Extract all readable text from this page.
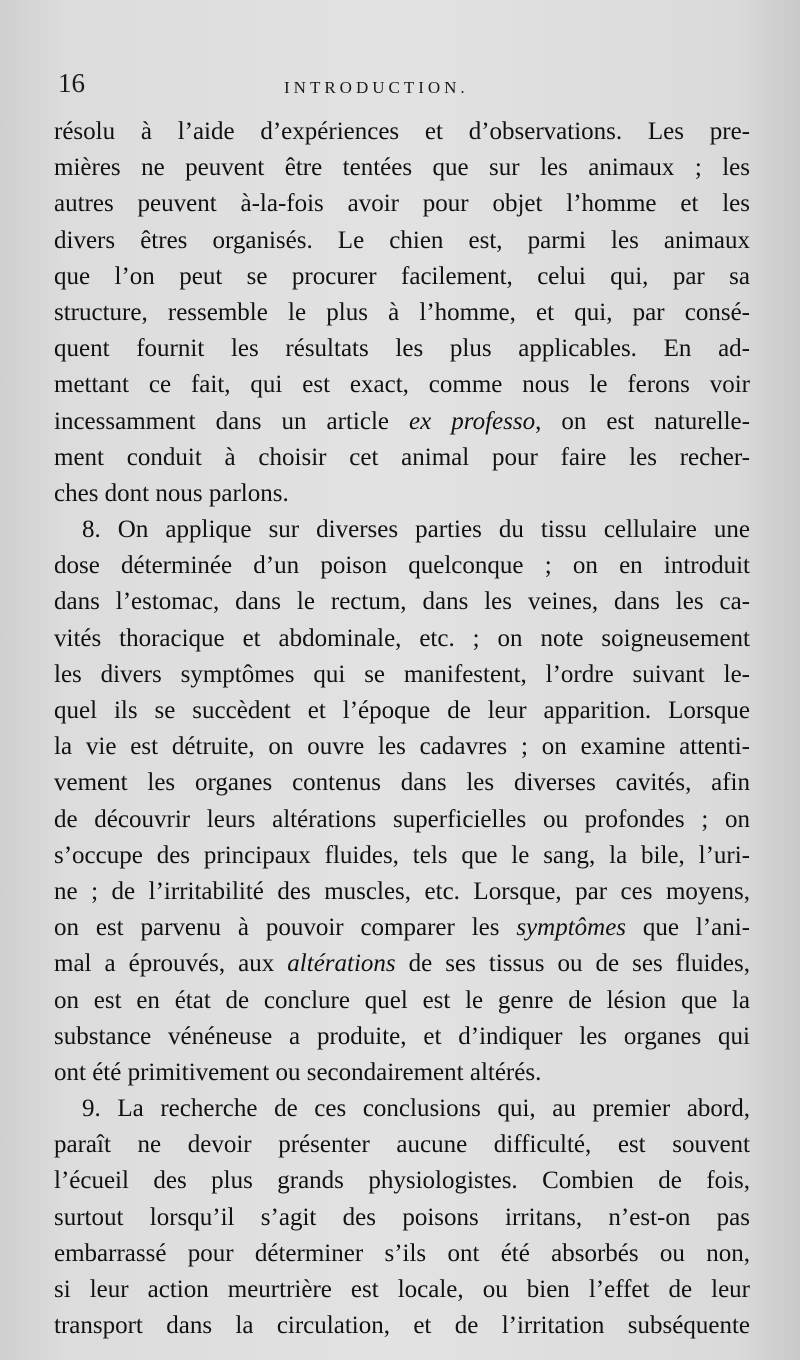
16	INTRODUCTION.
résolu à l’aide d’expériences et d’observations. Les pre-
mières ne peuvent être tentées que sur les animaux ; les
autres peuvent à-la-fois avoir pour objet l’homme et les
divers êtres organisés. Le chien est, parmi les animaux
que l’on peut se procurer facilement, celui qui, par sa
structure, ressemble le plus à l’homme, et qui, par consé-
quent fournit les résultats les plus applicables. En ad-
mettant ce fait, qui est exact, comme nous le ferons voir
incessamment dans un article ex professo, on est naturelle-
ment conduit à choisir cet animal pour faire les recher-
ches dont nous parlons.
8. On applique sur diverses parties du tissu cellulaire une
dose déterminée d’un poison quelconque ; on en introduit
dans l’estomac, dans le rectum, dans les veines, dans les ca-
vités thoracique et abdominale, etc. ; on note soigneusement
les divers symptômes qui se manifestent, l’ordre suivant le-
quel ils se succèdent et l’époque de leur apparition. Lorsque
la vie est détruite, on ouvre les cadavres ; on examine attenti-
vement les organes contenus dans les diverses cavités, afin
de découvrir leurs altérations superficielles ou profondes ; on
s’occupe des principaux fluides, tels que le sang, la bile, l’uri-
ne ; de l’irritabilité des muscles, etc. Lorsque, par ces moyens,
on est parvenu à pouvoir comparer les symptômes que l’ani-
mal a éprouvés, aux altérations de ses tissus ou de ses fluides,
on est en état de conclure quel est le genre de lésion que la
substance vénéneuse a produite, et d’indiquer les organes qui
ont été primitivement ou secondairement altérés.
9. La recherche de ces conclusions qui, au premier abord,
paraît ne devoir présenter aucune difficulté, est souvent
l’écueil des plus grands physiologistes. Combien de fois,
surtout lorsqu’il s’agit des poisons irritans, n’est-on pas
embarrassé pour déterminer s’ils ont été absorbés ou non,
si leur action meurtrière est locale, ou bien l’effet de leur
transport dans la circulation, et de l’irritation subséquente
